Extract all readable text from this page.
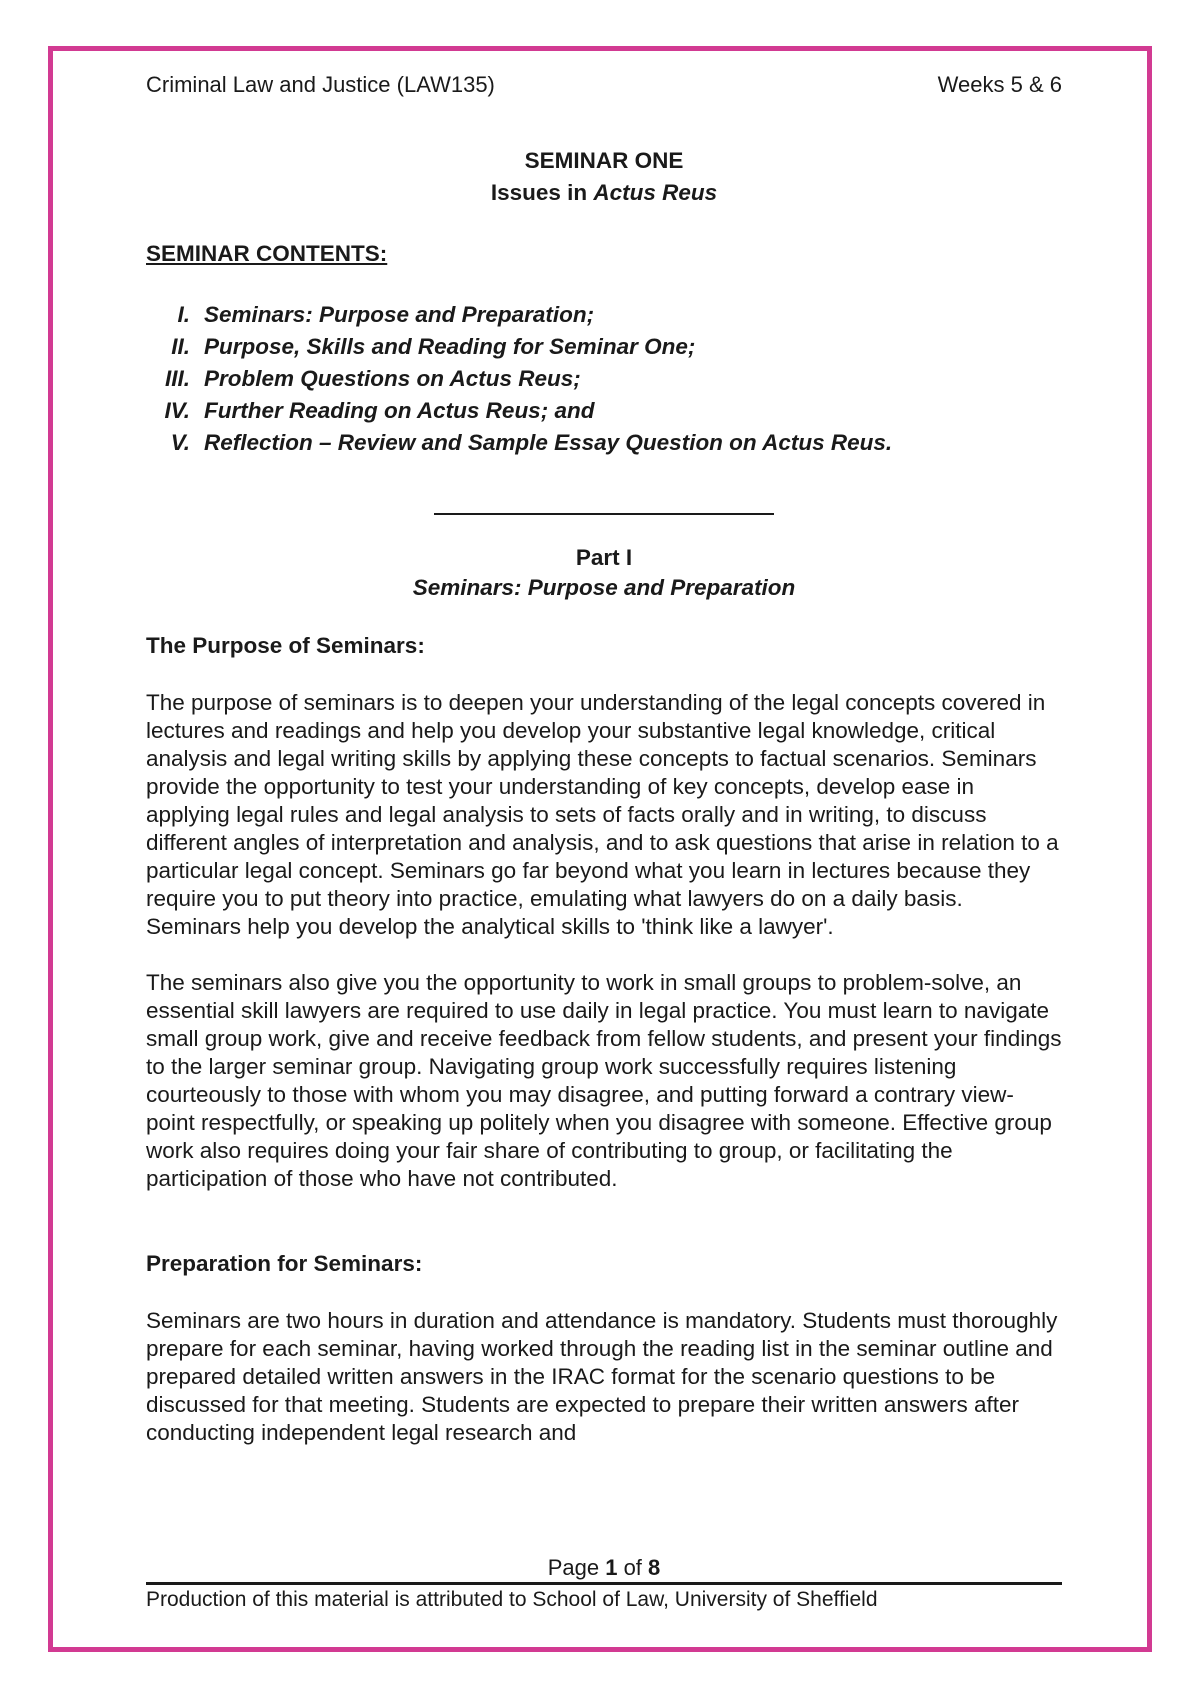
Criminal Law and Justice (LAW135)	Weeks 5 & 6

SEMINAR ONE

Issues in Actus Reus

SEMINAR CONTENTS:

I. Seminars: Purpose and Preparation;
II. Purpose, Skills and Reading for Seminar One;
III. Problem Questions on Actus Reus;
IV. Further Reading on Actus Reus; and
V. Reflection – Review and Sample Essay Question on Actus Reus.

Part I

Seminars: Purpose and Preparation

The Purpose of Seminars:

The purpose of seminars is to deepen your understanding of the legal concepts covered in lectures and readings and help you develop your substantive legal knowledge, critical analysis and legal writing skills by applying these concepts to factual scenarios. Seminars provide the opportunity to test your understanding of key concepts, develop ease in applying legal rules and legal analysis to sets of facts orally and in writing, to discuss different angles of interpretation and analysis, and to ask questions that arise in relation to a particular legal concept. Seminars go far beyond what you learn in lectures because they require you to put theory into practice, emulating what lawyers do on a daily basis. Seminars help you develop the analytical skills to 'think like a lawyer'.

The seminars also give you the opportunity to work in small groups to problem-solve, an essential skill lawyers are required to use daily in legal practice. You must learn to navigate small group work, give and receive feedback from fellow students, and present your findings to the larger seminar group. Navigating group work successfully requires listening courteously to those with whom you may disagree, and putting forward a contrary view-point respectfully, or speaking up politely when you disagree with someone. Effective group work also requires doing your fair share of contributing to group, or facilitating the participation of those who have not contributed.

Preparation for Seminars:

Seminars are two hours in duration and attendance is mandatory. Students must thoroughly prepare for each seminar, having worked through the reading list in the seminar outline and prepared detailed written answers in the IRAC format for the scenario questions to be discussed for that meeting. Students are expected to prepare their written answers after conducting independent legal research and

Page 1 of 8
Production of this material is attributed to School of Law, University of Sheffield
